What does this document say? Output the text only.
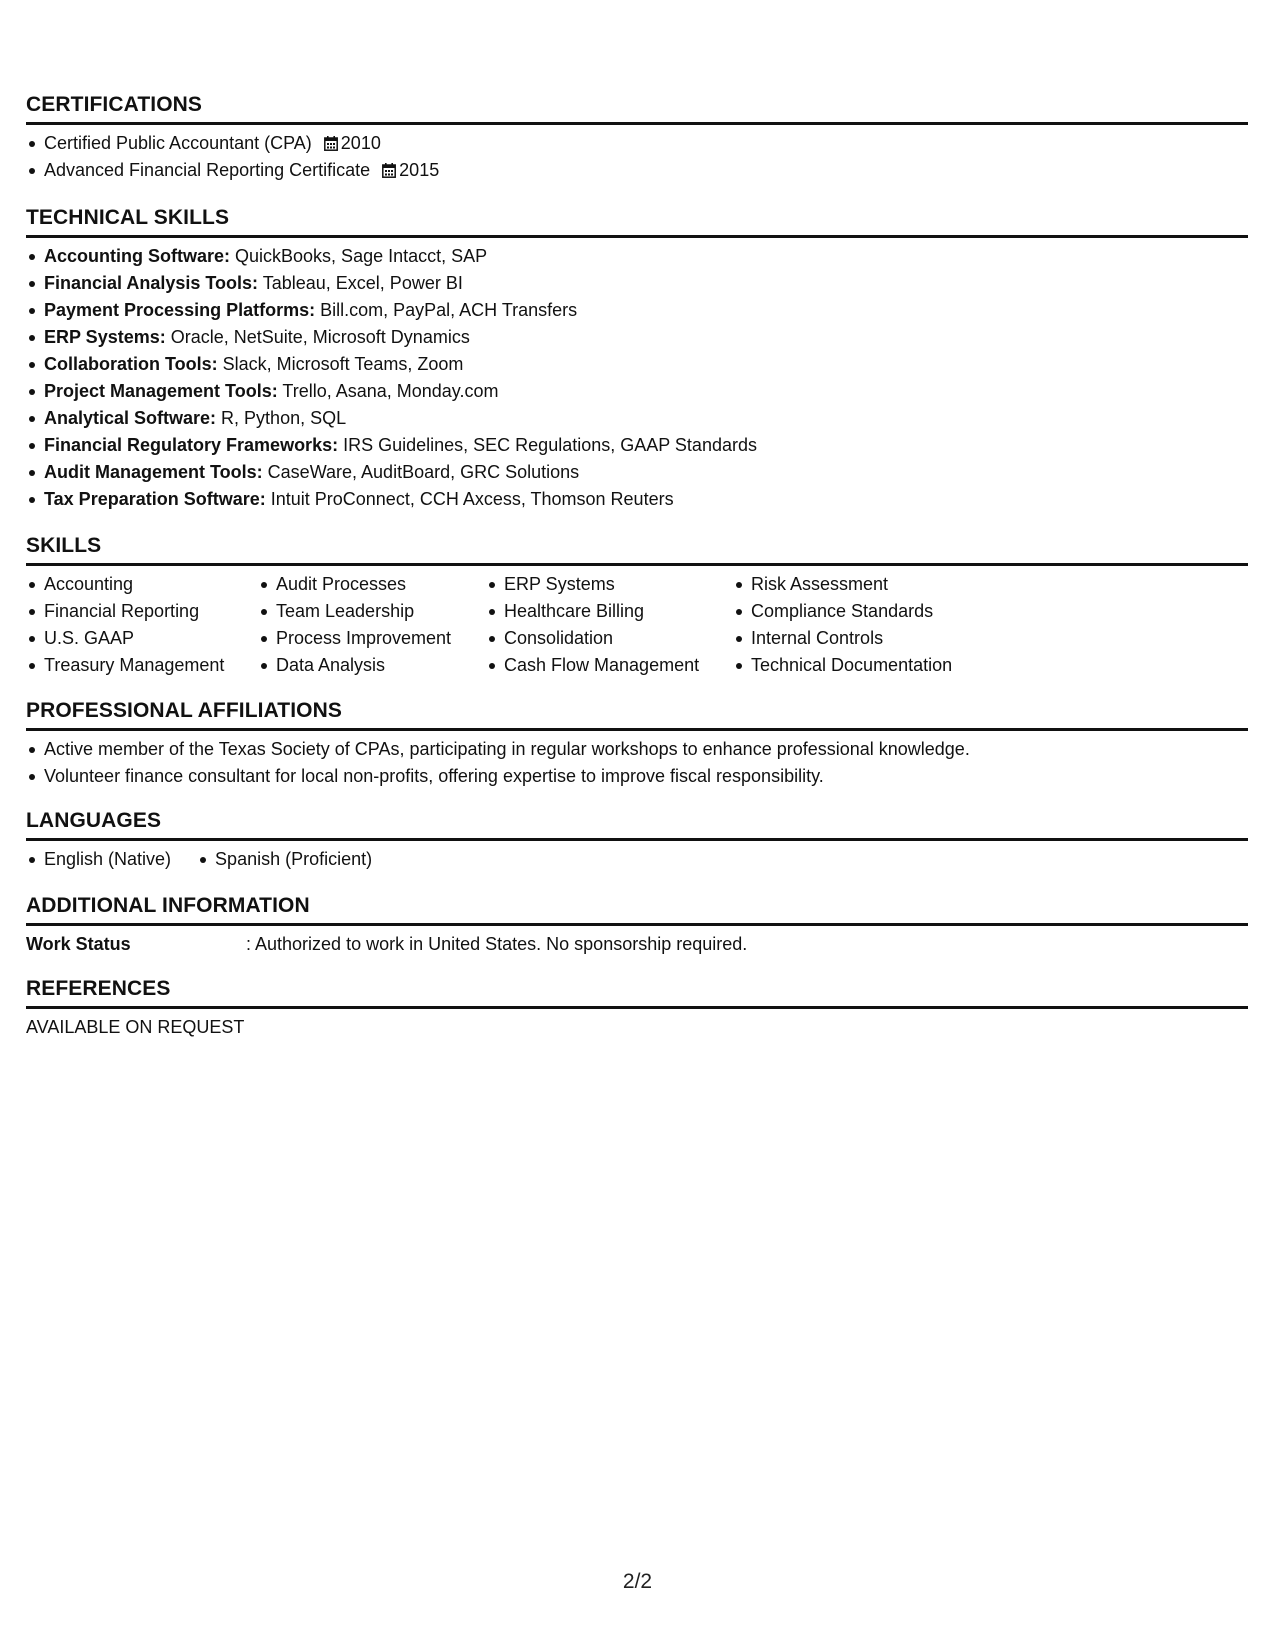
CERTIFICATIONS
Certified Public Accountant (CPA) 2010
Advanced Financial Reporting Certificate 2015
TECHNICAL SKILLS
Accounting Software: QuickBooks, Sage Intacct, SAP
Financial Analysis Tools: Tableau, Excel, Power BI
Payment Processing Platforms: Bill.com, PayPal, ACH Transfers
ERP Systems: Oracle, NetSuite, Microsoft Dynamics
Collaboration Tools: Slack, Microsoft Teams, Zoom
Project Management Tools: Trello, Asana, Monday.com
Analytical Software: R, Python, SQL
Financial Regulatory Frameworks: IRS Guidelines, SEC Regulations, GAAP Standards
Audit Management Tools: CaseWare, AuditBoard, GRC Solutions
Tax Preparation Software: Intuit ProConnect, CCH Axcess, Thomson Reuters
SKILLS
Accounting
Financial Reporting
U.S. GAAP
Treasury Management
Audit Processes
Team Leadership
Process Improvement
Data Analysis
ERP Systems
Healthcare Billing
Consolidation
Cash Flow Management
Risk Assessment
Compliance Standards
Internal Controls
Technical Documentation
PROFESSIONAL AFFILIATIONS
Active member of the Texas Society of CPAs, participating in regular workshops to enhance professional knowledge.
Volunteer finance consultant for local non-profits, offering expertise to improve fiscal responsibility.
LANGUAGES
English (Native)	Spanish (Proficient)
ADDITIONAL INFORMATION
Work Status	: Authorized to work in United States. No sponsorship required.
REFERENCES
AVAILABLE ON REQUEST
2/2
